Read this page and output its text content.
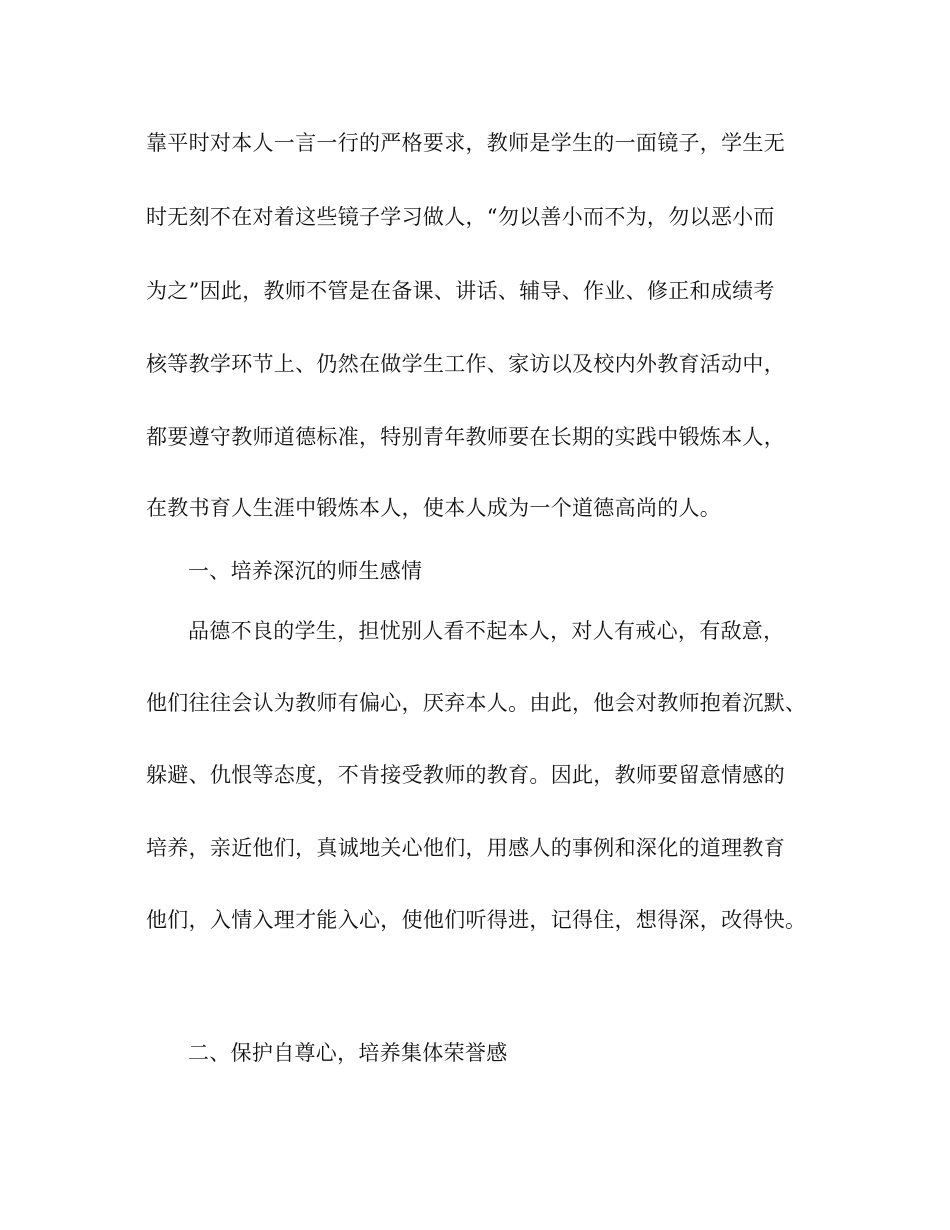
靠平时对本人一言一行的严格要求，教师是学生的一面镜子，学生无
时无刻不在对着这些镜子学习做人，“勿以善小而不为，勿以恶小而
为之”因此，教师不管是在备课、讲话、辅导、作业、修正和成绩考
核等教学环节上、仍然在做学生工作、家访以及校内外教育活动中，
都要遵守教师道德标准，特别青年教师要在长期的实践中锻炼本人，
在教书育人生涯中锻炼本人，使本人成为一个道德高尚的人。
一、培养深沉的师生感情
品德不良的学生，担忧别人看不起本人，对人有戒心，有敌意，
他们往往会认为教师有偏心，厌弃本人。由此，他会对教师抱着沉默、
躲避、仇恨等态度，不肯接受教师的教育。因此，教师要留意情感的
培养，亲近他们，真诚地关心他们，用感人的事例和深化的道理教育
他们，入情入理才能入心，使他们听得进，记得住，想得深，改得快。
二、保护自尊心，培养集体荣誉感
